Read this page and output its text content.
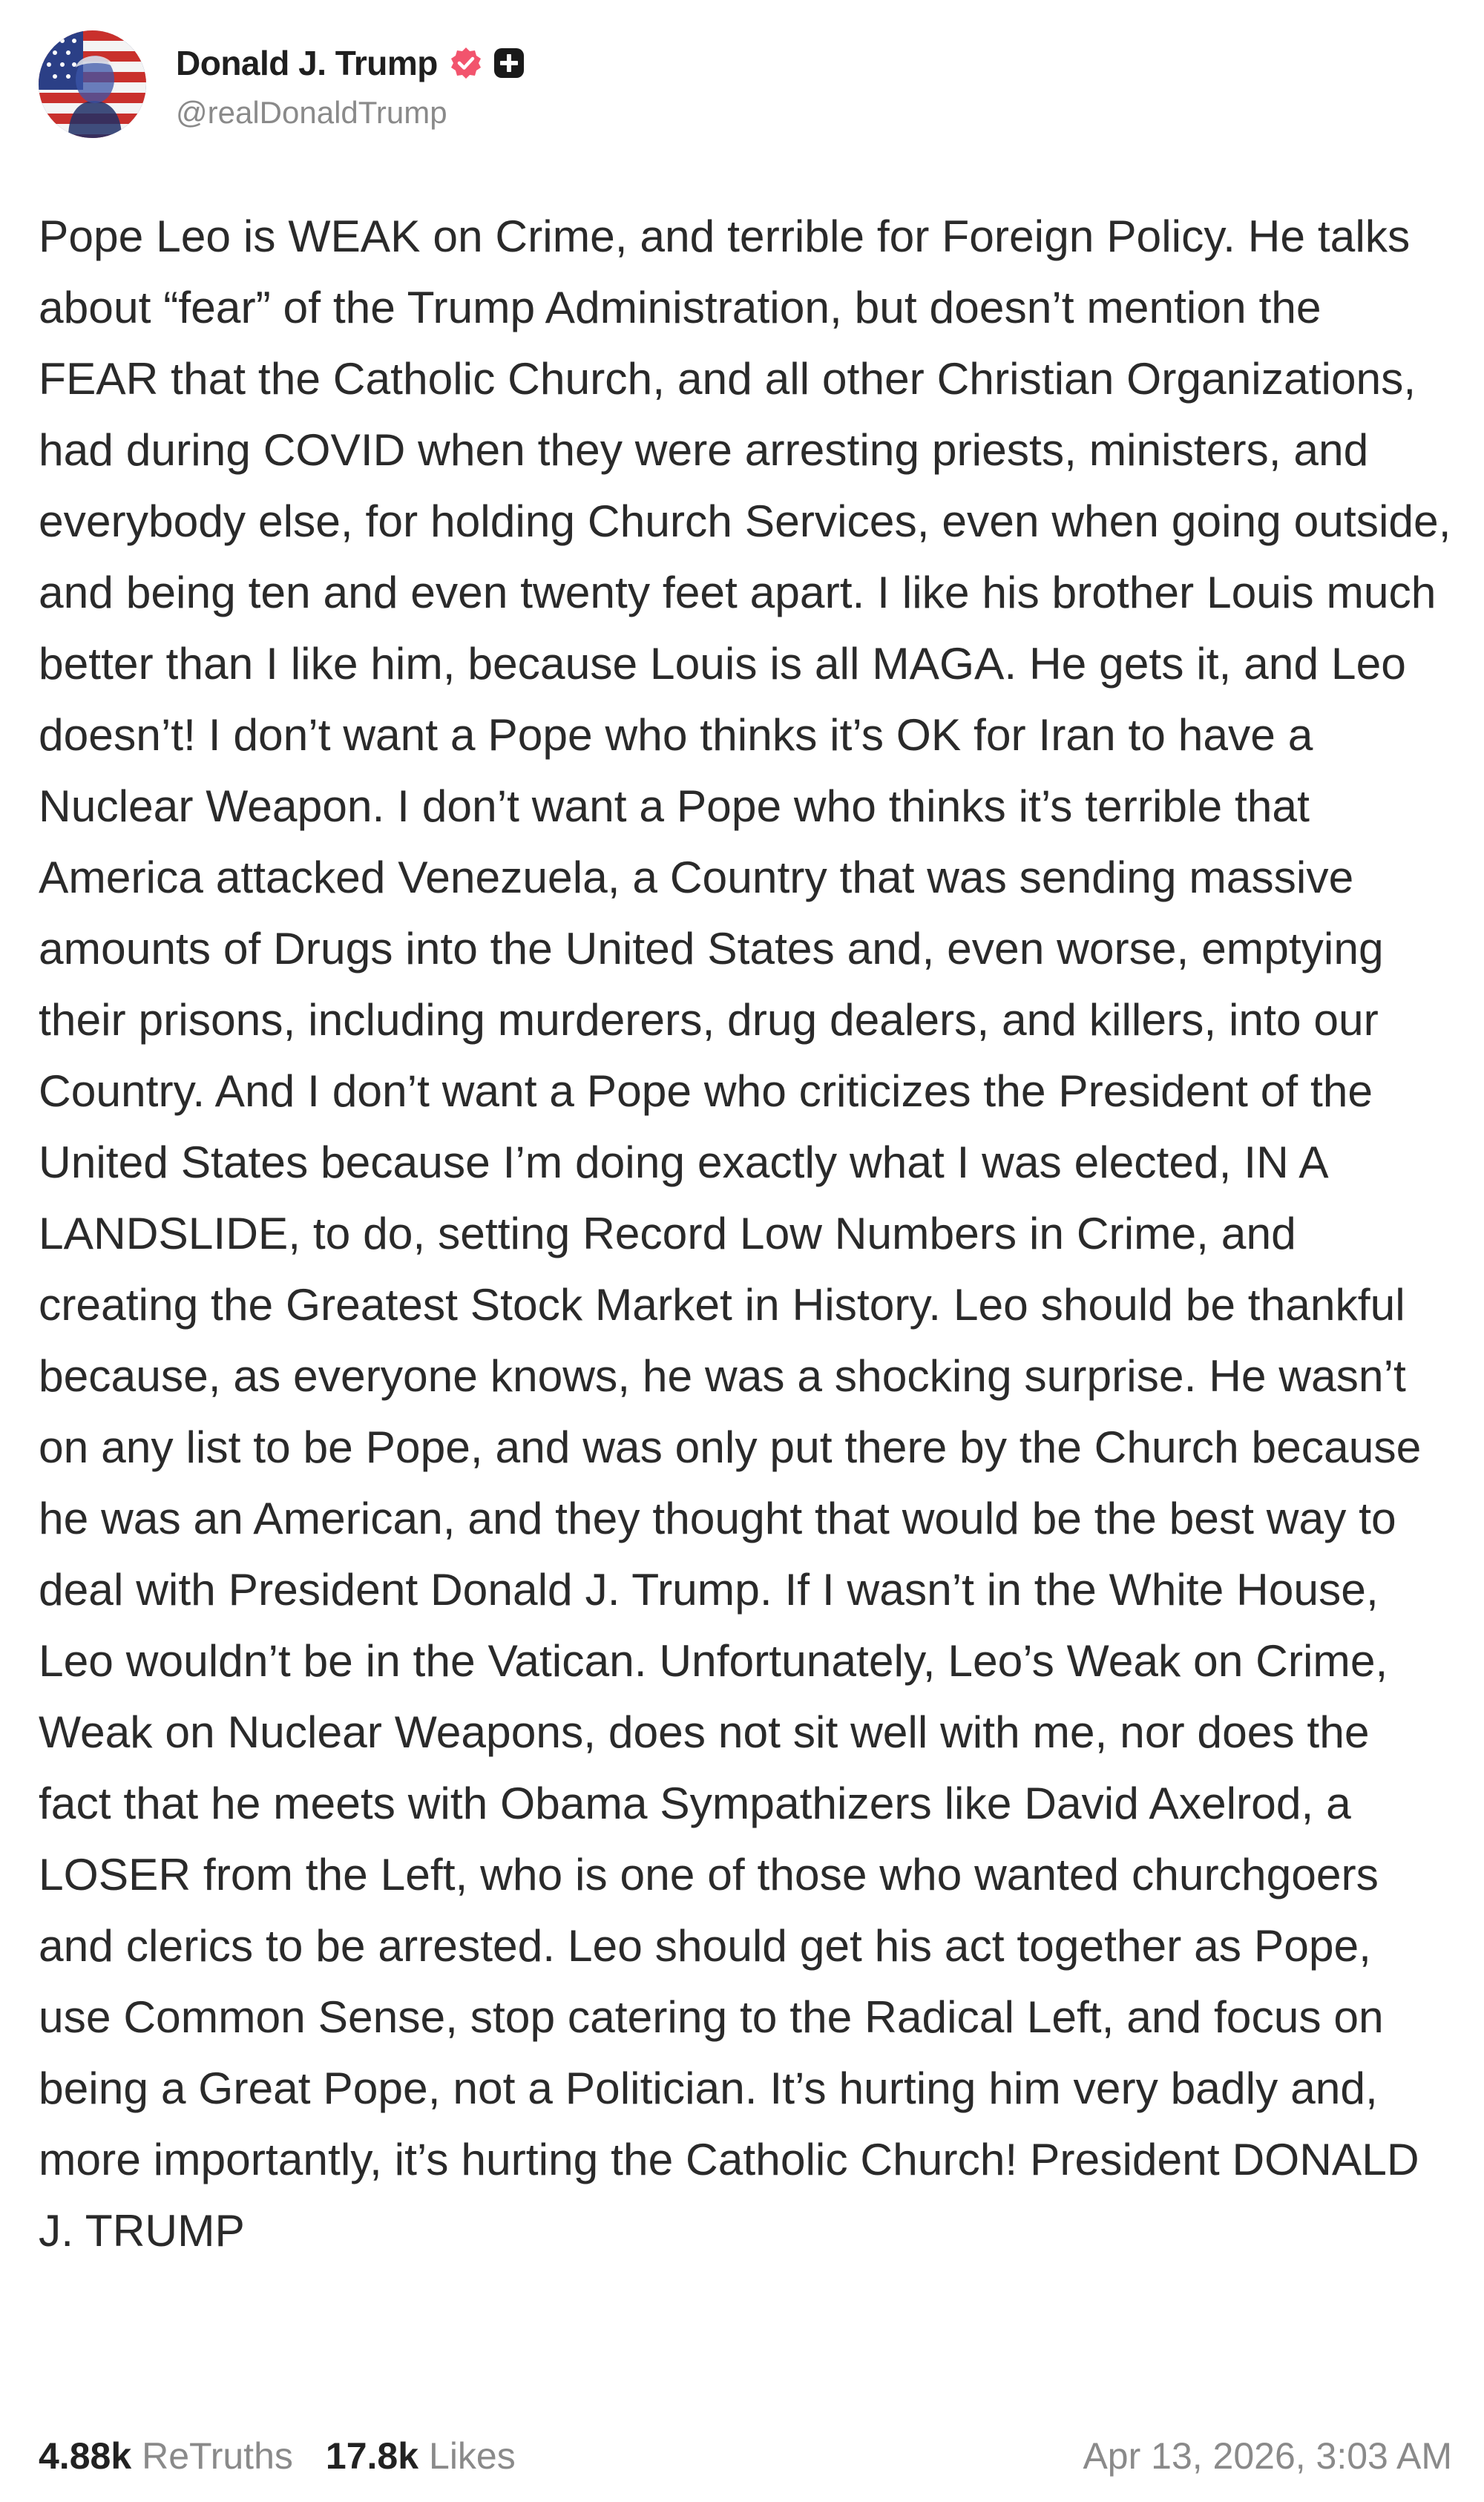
Donald J. Trump
@realDonaldTrump

Pope Leo is WEAK on Crime, and terrible for Foreign Policy. He talks about “fear” of the Trump Administration, but doesn’t mention the FEAR that the Catholic Church, and all other Christian Organizations, had during COVID when they were arresting priests, ministers, and everybody else, for holding Church Services, even when going outside, and being ten and even twenty feet apart. I like his brother Louis much better than I like him, because Louis is all MAGA. He gets it, and Leo doesn’t! I don’t want a Pope who thinks it’s OK for Iran to have a Nuclear Weapon. I don’t want a Pope who thinks it’s terrible that America attacked Venezuela, a Country that was sending massive amounts of Drugs into the United States and, even worse, emptying their prisons, including murderers, drug dealers, and killers, into our Country. And I don’t want a Pope who criticizes the President of the United States because I’m doing exactly what I was elected, IN A LANDSLIDE, to do, setting Record Low Numbers in Crime, and creating the Greatest Stock Market in History. Leo should be thankful because, as everyone knows, he was a shocking surprise. He wasn’t on any list to be Pope, and was only put there by the Church because he was an American, and they thought that would be the best way to deal with President Donald J. Trump. If I wasn’t in the White House, Leo wouldn’t be in the Vatican. Unfortunately, Leo’s Weak on Crime, Weak on Nuclear Weapons, does not sit well with me, nor does the fact that he meets with Obama Sympathizers like David Axelrod, a LOSER from the Left, who is one of those who wanted churchgoers and clerics to be arrested. Leo should get his act together as Pope, use Common Sense, stop catering to the Radical Left, and focus on being a Great Pope, not a Politician. It’s hurting him very badly and, more importantly, it’s hurting the Catholic Church! President DONALD J. TRUMP

4.88k ReTruths 17.8k Likes	Apr 13, 2026, 3:03 AM
